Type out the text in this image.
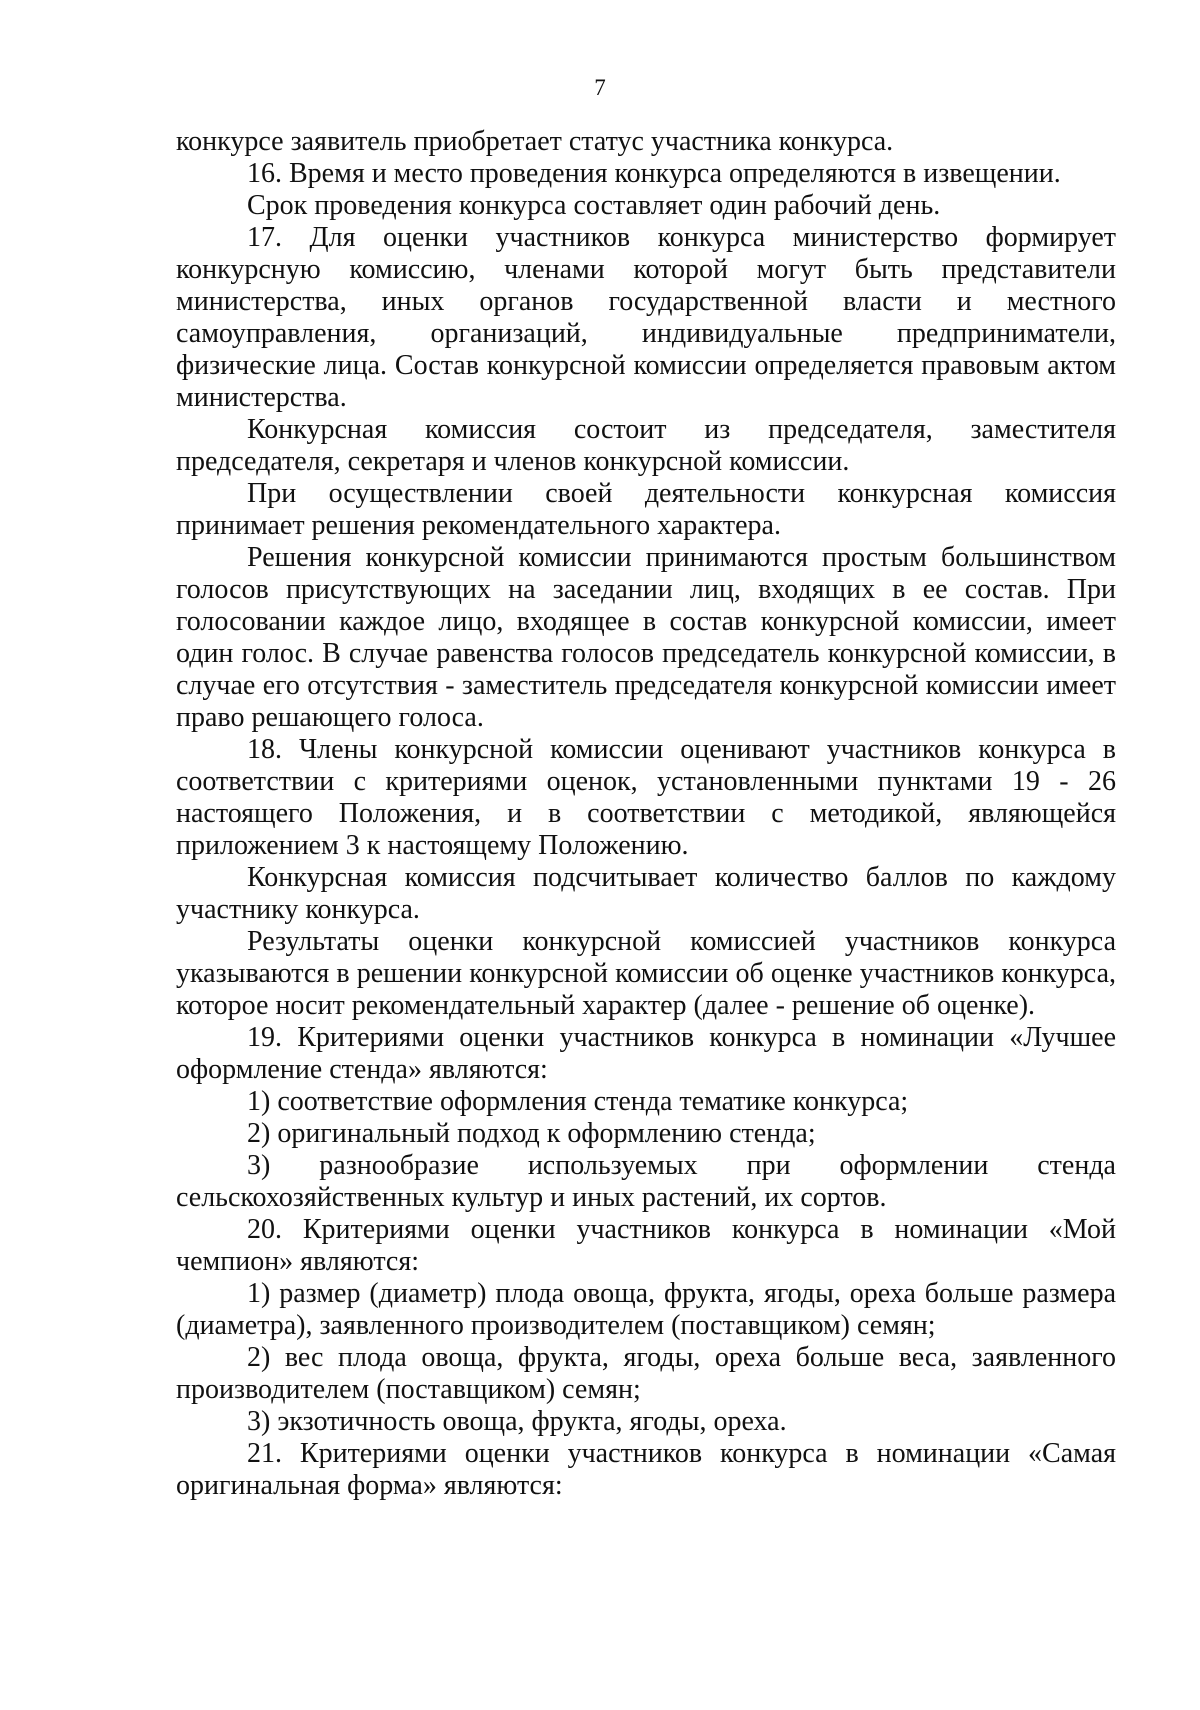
7

конкурсе заявитель приобретает статус участника конкурса.

16. Время и место проведения конкурса определяются в извещении.

Срок проведения конкурса составляет один рабочий день.

17. Для оценки участников конкурса министерство формирует конкурсную комиссию, членами которой могут быть представители министерства, иных органов государственной власти и местного самоуправления, организаций, индивидуальные предприниматели, физические лица. Состав конкурсной комиссии определяется правовым актом министерства.

Конкурсная комиссия состоит из председателя, заместителя председателя, секретаря и членов конкурсной комиссии.

При осуществлении своей деятельности конкурсная комиссия принимает решения рекомендательного характера.

Решения конкурсной комиссии принимаются простым большинством голосов присутствующих на заседании лиц, входящих в ее состав. При голосовании каждое лицо, входящее в состав конкурсной комиссии, имеет один голос. В случае равенства голосов председатель конкурсной комиссии, в случае его отсутствия - заместитель председателя конкурсной комиссии имеет право решающего голоса.

18. Члены конкурсной комиссии оценивают участников конкурса в соответствии с критериями оценок, установленными пунктами 19 - 26 настоящего Положения, и в соответствии с методикой, являющейся приложением 3 к настоящему Положению.

Конкурсная комиссия подсчитывает количество баллов по каждому участнику конкурса.

Результаты оценки конкурсной комиссией участников конкурса указываются в решении конкурсной комиссии об оценке участников конкурса, которое носит рекомендательный характер (далее - решение об оценке).

19. Критериями оценки участников конкурса в номинации «Лучшее оформление стенда» являются:

1) соответствие оформления стенда тематике конкурса;

2) оригинальный подход к оформлению стенда;

3) разнообразие используемых при оформлении стенда сельскохозяйственных культур и иных растений, их сортов.

20. Критериями оценки участников конкурса в номинации «Мой чемпион» являются:

1) размер (диаметр) плода овоща, фрукта, ягоды, ореха больше размера (диаметра), заявленного производителем (поставщиком) семян;

2) вес плода овоща, фрукта, ягоды, ореха больше веса, заявленного производителем (поставщиком) семян;

3) экзотичность овоща, фрукта, ягоды, ореха.

21. Критериями оценки участников конкурса в номинации «Самая оригинальная форма» являются:
